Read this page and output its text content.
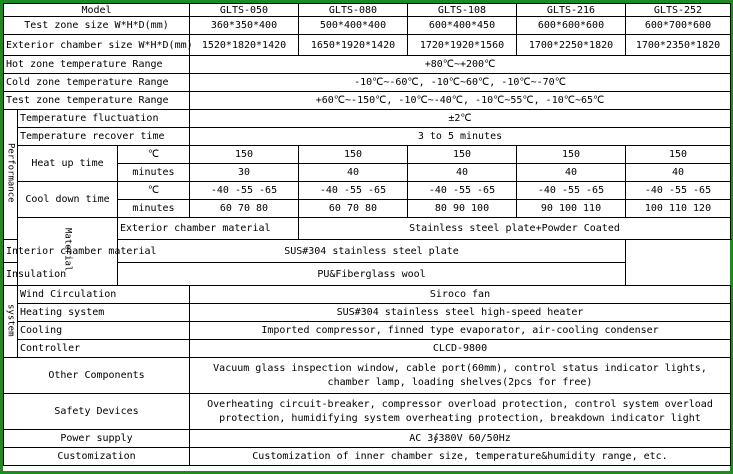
Model			GLTS-050	GLTS-080	GLTS-108	GLTS-216	GLTS-252
Test zone size W*H*D(mm)			360*350*400	500*400*400	600*400*450	600*600*600	600*700*600
Exterior chamber size W*H*D(mm)			1520*1820*1420	1650*1920*1420	1720*1920*1560	1700*2250*1820	1700*2350*1820
Hot zone temperature Range			+80℃~+200℃				
Cold zone temperature Range			-10℃~-60℃, -10℃~60℃, -10℃~-70℃				
Test zone temperature Range			+60℃~-150℃, -10℃~-40℃, -10℃~55℃, -10℃~65℃				
Performance	Temperature fluctuation		±2℃				
	Temperature recover time		3 to 5 minutes				
	Heat up time	℃	150	150	150	150	150
		minutes	30	40	40	40	40
	Cool down time	℃	-40 -55 -65	-40 -55 -65	-40 -55 -65	-40 -55 -65	-40 -55 -65
		minutes	60 70 80	60 70 80	80 90 100	90 100 110	100 110 120
	Material	Exterior chamber material		Stainless steel plate+Powder Coated			
Interior chamber material		SUS#304 stainless steel plate					
Insulation		PU&Fiberglass wool					
system	Wind Circulation		Siroco fan				
	Heating system		SUS#304 stainless steel high-speed heater				
	Cooling		Imported compressor, finned type evaporator, air-cooling condenser				
	Controller		CLCD-9800				
Other Components			Vacuum glass inspection window, cable port(60mm), control status indicator lights, chamber lamp, loading shelves(2pcs for free)				
Safety Devices			Overheating circuit-breaker, compressor overload protection, control system overload protection, humidifying system overheating protection, breakdown indicator light				
Power supply			AC 3∮380V 60/50Hz				
Customization			Customization of inner chamber size, temperature&humidity range, etc.				
